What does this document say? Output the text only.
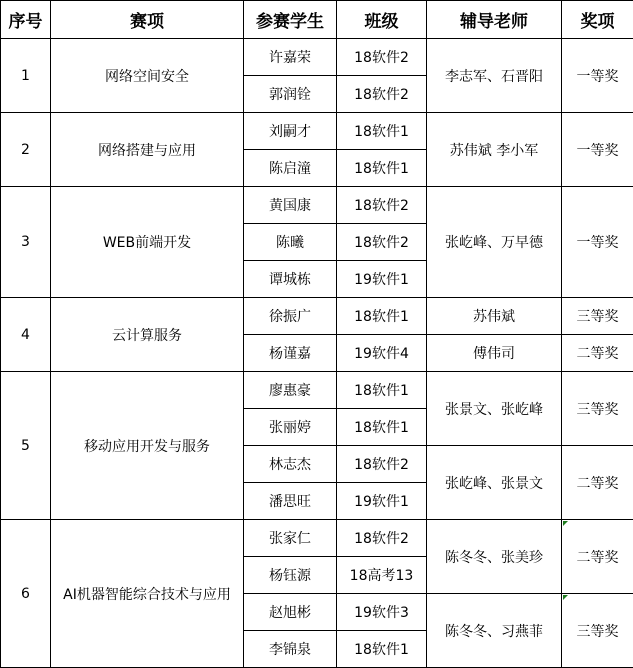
序号	赛项	参赛学生	班级	辅导老师	奖项
1	网络空间安全	许嘉荣	18软件2	李志军、石晋阳	一等奖
		郭润铨	18软件2		
2	网络搭建与应用	刘嗣才	18软件1	苏伟斌 李小军	一等奖
		陈启潼	18软件1		
3	WEB前端开发	黄国康	18软件2	张屹峰、万早德	一等奖
		陈曦	18软件2		
		谭城栋	19软件1		
4	云计算服务	徐振广	18软件1	苏伟斌	三等奖
		杨谨嘉	19软件4	傅伟司	二等奖
5	移动应用开发与服务	廖惠豪	18软件1	张景文、张屹峰	三等奖
		张丽婷	18软件1		
		林志杰	18软件2	张屹峰、张景文	二等奖
		潘思旺	19软件1		
6	AI机器智能综合技术与应用	张家仁	18软件2	陈冬冬、张美珍	二等奖
		杨钰源	18高考13		
		赵旭彬	19软件3	陈冬冬、习燕菲	三等奖
		李锦泉	18软件1		
